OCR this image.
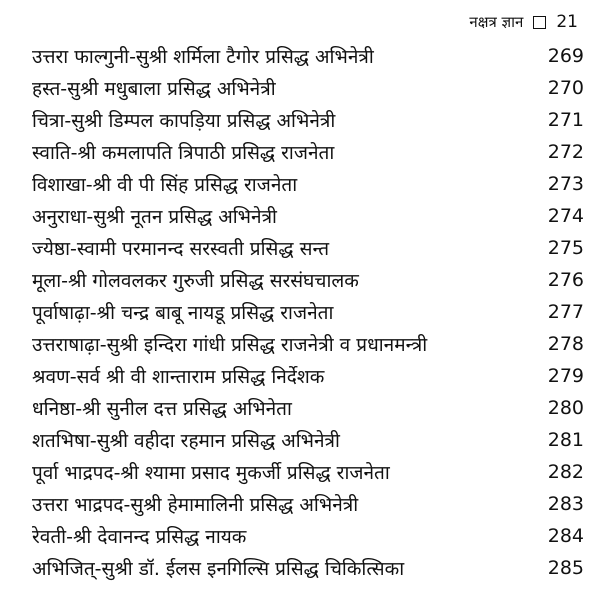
नक्षत्र ज्ञान 21
उत्तरा फाल्गुनी-सुश्री शर्मिला टैगोर प्रसिद्ध अभिनेत्री	269
हस्त-सुश्री मधुबाला प्रसिद्ध अभिनेत्री	270
चित्रा-सुश्री डिम्पल कापड़िया प्रसिद्ध अभिनेत्री	271
स्वाति-श्री कमलापति त्रिपाठी प्रसिद्ध राजनेता	272
विशाखा-श्री वी पी सिंह प्रसिद्ध राजनेता	273
अनुराधा-सुश्री नूतन प्रसिद्ध अभिनेत्री	274
ज्येष्ठा-स्वामी परमानन्द सरस्वती प्रसिद्ध सन्त	275
मूला-श्री गोलवलकर गुरुजी प्रसिद्ध सरसंघचालक	276
पूर्वाषाढ़ा-श्री चन्द्र बाबू नायडू प्रसिद्ध राजनेता	277
उत्तराषाढ़ा-सुश्री इन्दिरा गांधी प्रसिद्ध राजनेत्री व प्रधानमन्त्री	278
श्रवण-सर्व श्री वी शान्ताराम प्रसिद्ध निर्देशक	279
धनिष्ठा-श्री सुनील दत्त प्रसिद्ध अभिनेता	280
शतभिषा-सुश्री वहीदा रहमान प्रसिद्ध अभिनेत्री	281
पूर्वा भाद्रपद-श्री श्यामा प्रसाद मुकर्जी प्रसिद्ध राजनेता	282
उत्तरा भाद्रपद-सुश्री हेमामालिनी प्रसिद्ध अभिनेत्री	283
रेवती-श्री देवानन्द प्रसिद्ध नायक	284
अभिजित्-सुश्री डॉ. ईलस इनगिल्सि प्रसिद्ध चिकित्सिका	285
